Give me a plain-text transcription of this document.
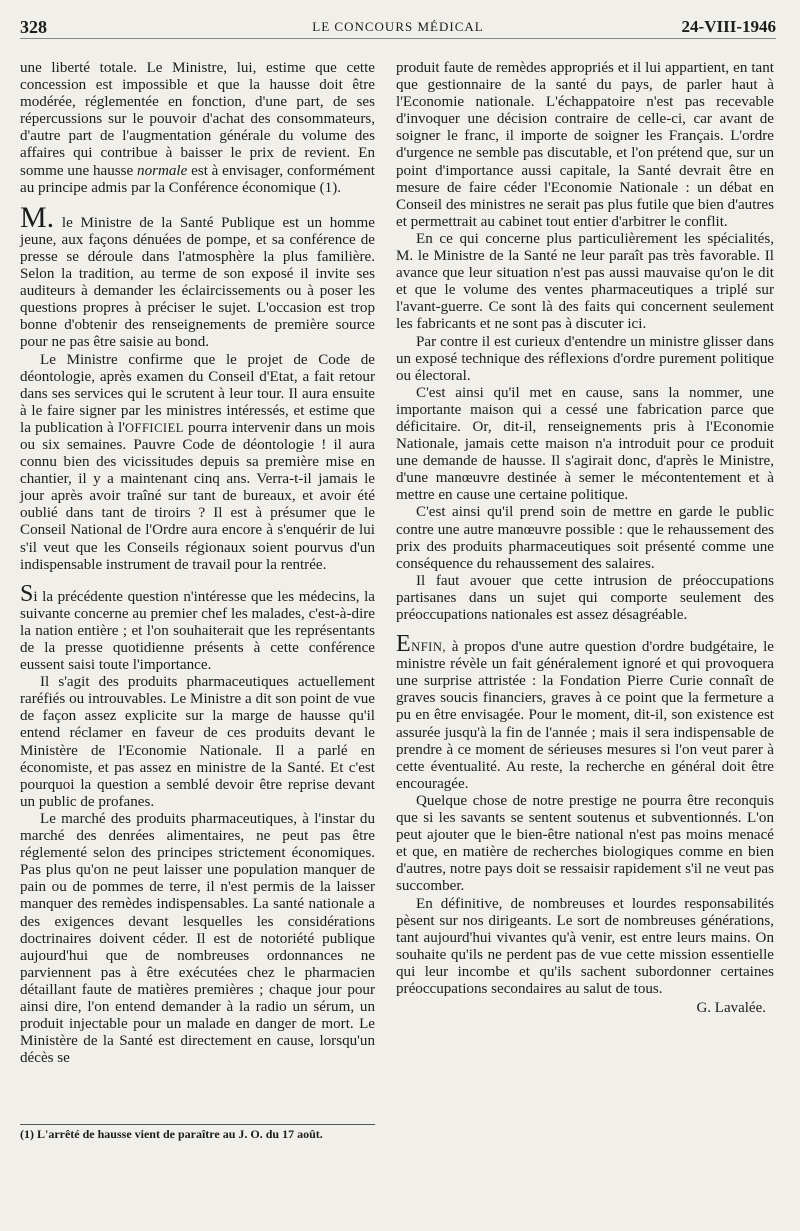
328	LE CONCOURS MÉDICAL	24-VIII-1946

une liberté totale. Le Ministre, lui, estime que cette concession est impossible et que la hausse doit être modérée, réglementée en fonction, d'une part, de ses répercussions sur le pouvoir d'achat des consommateurs, d'autre part de l'augmentation générale du volume des affaires qui contribue à baisser le prix de revient. En somme une hausse normale est à envisager, conformément au principe admis par la Conférence économique (1).

M. le Ministre de la Santé Publique est un homme jeune, aux façons dénuées de pompe, et sa conférence de presse se déroule dans l'atmosphère la plus familière. Selon la tradition, au terme de son exposé il invite ses auditeurs à demander les éclaircissements ou à poser les questions propres à préciser le sujet. L'occasion est trop bonne d'obtenir des renseignements de première source pour ne pas être saisie au bond.

Le Ministre confirme que le projet de Code de déontologie, après examen du Conseil d'Etat, a fait retour dans ses services qui le scrutent à leur tour. Il aura ensuite à le faire signer par les ministres intéressés, et estime que la publication à l'OFFICIEL pourra intervenir dans un mois ou six semaines. Pauvre Code de déontologie ! il aura connu bien des vicissitudes depuis sa première mise en chantier, il y a maintenant cinq ans. Verra-t-il jamais le jour après avoir traîné sur tant de bureaux, et avoir été oublié dans tant de tiroirs ? Il est à présumer que le Conseil National de l'Ordre aura encore à s'enquérir de lui s'il veut que les Conseils régionaux soient pourvus d'un indispensable instrument de travail pour la rentrée.

Si la précédente question n'intéresse que les médecins, la suivante concerne au premier chef les malades, c'est-à-dire la nation entière ; et l'on souhaiterait que les représentants de la presse quotidienne présents à cette conférence eussent saisi toute l'importance.

Il s'agit des produits pharmaceutiques actuellement raréfiés ou introuvables. Le Ministre a dit son point de vue de façon assez explicite sur la marge de hausse qu'il entend réclamer en faveur de ces produits devant le Ministère de l'Economie Nationale. Il a parlé en économiste, et pas assez en ministre de la Santé. Et c'est pourquoi la question a semblé devoir être reprise devant un public de profanes.

Le marché des produits pharmaceutiques, à l'instar du marché des denrées alimentaires, ne peut pas être réglementé selon des principes strictement économiques. Pas plus qu'on ne peut laisser une population manquer de pain ou de pommes de terre, il n'est permis de la laisser manquer des remèdes indispensables. La santé nationale a des exigences devant lesquelles les considérations doctrinaires doivent céder. Il est de notoriété publique aujourd'hui que de nombreuses ordonnances ne parviennent pas à être exécutées chez le pharmacien détaillant faute de matières premières ; chaque jour pour ainsi dire, l'on entend demander à la radio un sérum, un produit injectable pour un malade en danger de mort. Le Ministère de la Santé est directement en cause, lorsqu'un décès se

(1) L'arrêté de hausse vient de paraître au J. O. du 17 août.

produit faute de remèdes appropriés et il lui appartient, en tant que gestionnaire de la santé du pays, de parler haut à l'Economie nationale. L'échappatoire n'est pas recevable d'invoquer une décision contraire de celle-ci, car avant de soigner le franc, il importe de soigner les Français. L'ordre d'urgence ne semble pas discutable, et l'on prétend que, sur un point d'importance aussi capitale, la Santé devrait être en mesure de faire céder l'Economie Nationale : un débat en Conseil des ministres ne serait pas plus futile que bien d'autres et permettrait au cabinet tout entier d'arbitrer le conflit.

En ce qui concerne plus particulièrement les spécialités, M. le Ministre de la Santé ne leur paraît pas très favorable. Il avance que leur situation n'est pas aussi mauvaise qu'on le dit et que le volume des ventes pharmaceutiques a triplé sur l'avant-guerre. Ce sont là des faits qui concernent seulement les fabricants et ne sont pas à discuter ici.

Par contre il est curieux d'entendre un ministre glisser dans un exposé technique des réflexions d'ordre purement politique ou électoral.

C'est ainsi qu'il met en cause, sans la nommer, une importante maison qui a cessé une fabrication parce que déficitaire. Or, dit-il, renseignements pris à l'Economie Nationale, jamais cette maison n'a introduit pour ce produit une demande de hausse. Il s'agirait donc, d'après le Ministre, d'une manœuvre destinée à semer le mécontentement et à mettre en cause une certaine politique.

C'est ainsi qu'il prend soin de mettre en garde le public contre une autre manœuvre possible : que le rehaussement des prix des produits pharmaceutiques soit présenté comme une conséquence du rehaussement des salaires.

Il faut avouer que cette intrusion de préoccupations partisanes dans un sujet qui comporte seulement des préoccupations nationales est assez désagréable.

ENFIN, à propos d'une autre question d'ordre budgétaire, le ministre révèle un fait généralement ignoré et qui provoquera une surprise attristée : la Fondation Pierre Curie connaît de graves soucis financiers, graves à ce point que la fermeture a pu en être envisagée. Pour le moment, dit-il, son existence est assurée jusqu'à la fin de l'année ; mais il sera indispensable de prendre à ce moment de sérieuses mesures si l'on veut parer à cette éventualité. Au reste, la recherche en général doit être encouragée.

Quelque chose de notre prestige ne pourra être reconquis que si les savants se sentent soutenus et subventionnés. L'on peut ajouter que le bien-être national n'est pas moins menacé et que, en matière de recherches biologiques comme en bien d'autres, notre pays doit se ressaisir rapidement s'il ne veut pas succomber.

En définitive, de nombreuses et lourdes responsabilités pèsent sur nos dirigeants. Le sort de nombreuses générations, tant aujourd'hui vivantes qu'à venir, est entre leurs mains. On souhaite qu'ils ne perdent pas de vue cette mission essentielle qui leur incombe et qu'ils sachent subordonner certaines préoccupations secondaires au salut de tous.

G. Lavalée.
